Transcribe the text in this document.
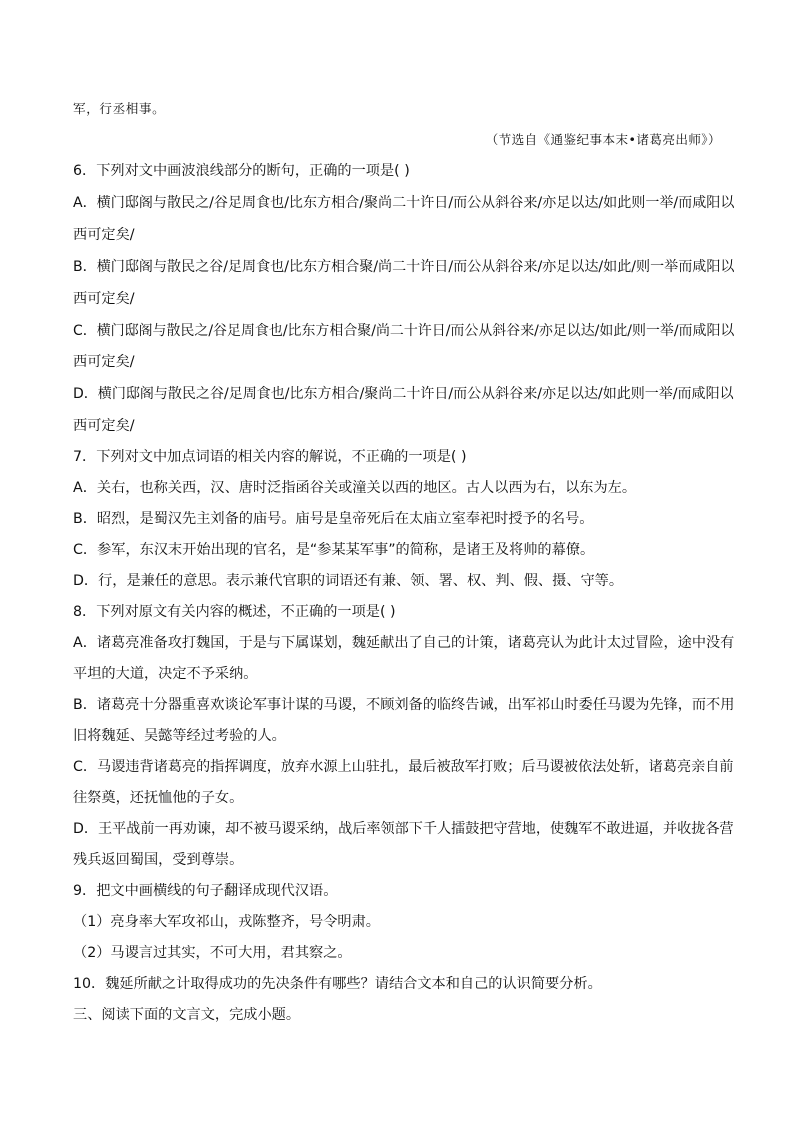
军，行丞相事。
（节选自《通鉴纪事本末•诸葛亮出师》）
6．下列对文中画波浪线部分的断句，正确的一项是( )
A．横门邸阁与散民之/谷足周食也/比东方相合/聚尚二十许日/而公从斜谷来/亦足以达/如此则一举/而咸阳以
西可定矣/
B．横门邸阁与散民之谷/足周食也/比东方相合聚/尚二十许日/而公从斜谷来/亦足以达/如此/则一举而咸阳以
西可定矣/
C．横门邸阁与散民之/谷足周食也/比东方相合聚/尚二十许日/而公从斜谷来/亦足以达/如此/则一举/而咸阳以
西可定矣/
D．横门邸阁与散民之谷/足周食也/比东方相合/聚尚二十许日/而公从斜谷来/亦足以达/如此则一举/而咸阳以
西可定矣/
7．下列对文中加点词语的相关内容的解说，不正确的一项是( )
A．关右，也称关西，汉、唐时泛指函谷关或潼关以西的地区。古人以西为右，以东为左。
B．昭烈，是蜀汉先主刘备的庙号。庙号是皇帝死后在太庙立室奉祀时授予的名号。
C．参军，东汉末开始出现的官名，是“参某某军事”的简称，是诸王及将帅的幕僚。
D．行，是兼任的意思。表示兼代官职的词语还有兼、领、署、权、判、假、摄、守等。
8．下列对原文有关内容的概述，不正确的一项是( )
A．诸葛亮准备攻打魏国，于是与下属谋划，魏延献出了自己的计策，诸葛亮认为此计太过冒险，途中没有
平坦的大道，决定不予采纳。
B．诸葛亮十分器重喜欢谈论军事计谋的马谡，不顾刘备的临终告诫，出军祁山时委任马谡为先锋，而不用
旧将魏延、吴懿等经过考验的人。
C．马谡违背诸葛亮的指挥调度，放弃水源上山驻扎，最后被敌军打败；后马谡被依法处斩，诸葛亮亲自前
往祭奠，还抚恤他的子女。
D．王平战前一再劝谏，却不被马谡采纳，战后率领部下千人擂鼓把守营地，使魏军不敢进逼，并收拢各营
残兵返回蜀国，受到尊崇。
9．把文中画横线的句子翻译成现代汉语。
（1）亮身率大军攻祁山，戎陈整齐，号令明肃。
（2）马谡言过其实，不可大用，君其察之。
10．魏延所献之计取得成功的先决条件有哪些？请结合文本和自己的认识简要分析。
三、阅读下面的文言文，完成小题。
